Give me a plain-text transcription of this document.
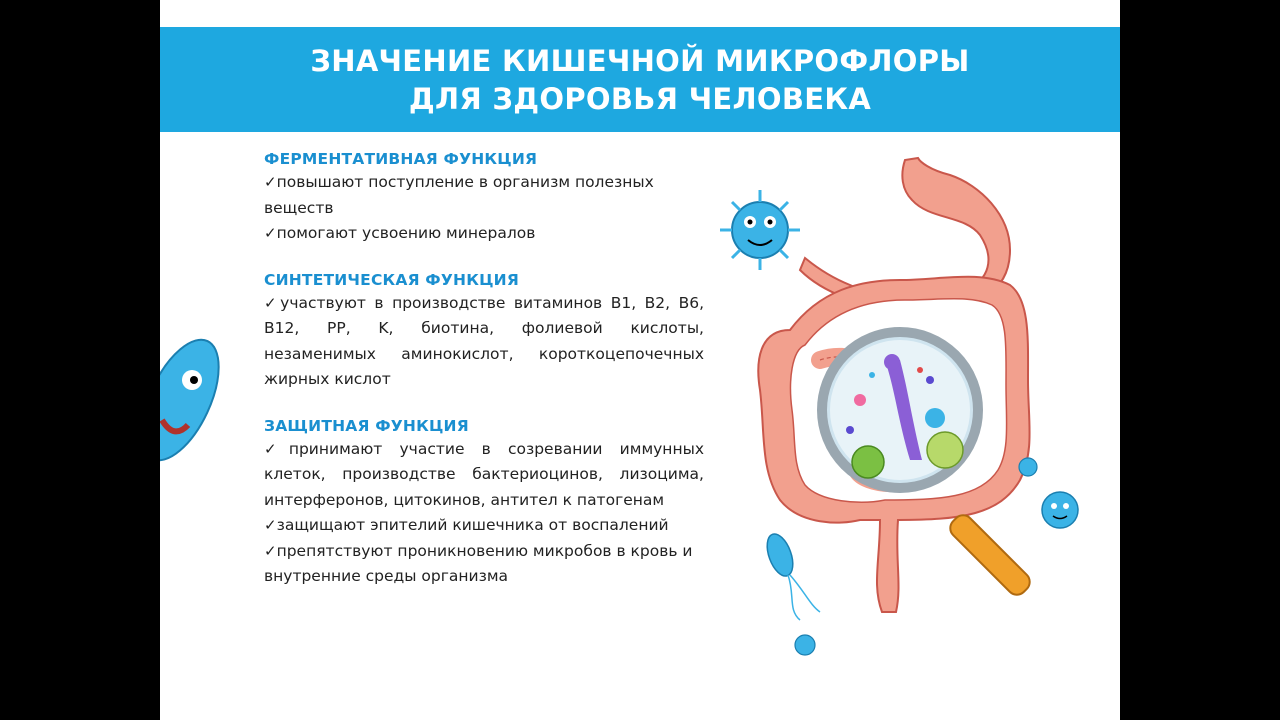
ЗНАЧЕНИЕ КИШЕЧНОЙ МИКРОФЛОРЫ
ДЛЯ ЗДОРОВЬЯ ЧЕЛОВЕКА
ФЕРМЕНТАТИВНАЯ ФУНКЦИЯ
✓повышают поступление в организм полезных веществ
✓помогают усвоению минералов
СИНТЕТИЧЕСКАЯ ФУНКЦИЯ
✓участвуют в производстве витаминов B1, B2, B6, B12, PP, K, биотина, фолиевой кислоты, незаменимых аминокислот, короткоцепочечных жирных кислот
ЗАЩИТНАЯ ФУНКЦИЯ
✓принимают участие в созревании иммунных клеток, производстве бактериоцинов, лизоцима, интерферонов, цитокинов, антител к патогенам
✓защищают эпителий кишечника от воспалений
✓препятствуют проникновению микробов в кровь и внутренние среды организма
